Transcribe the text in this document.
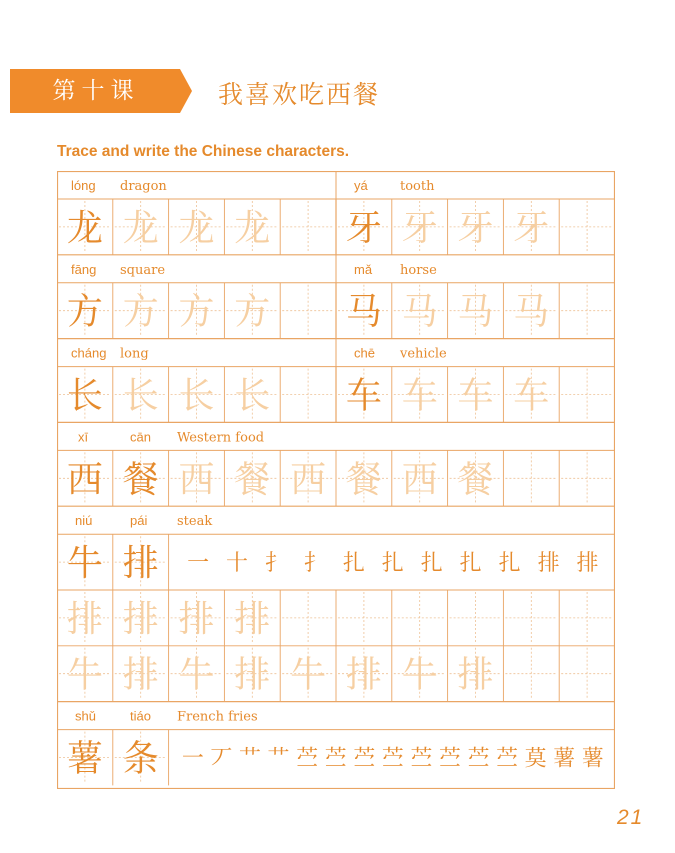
第十课	我喜欢吃西餐
Trace and write the Chinese characters.
lóng dragon	yá tooth
龙 龙 龙 龙 牙 牙 牙 牙
fāng square	mǎ horse
方 方 方 方 马 马 马 马
cháng long	chē vehicle
长 长 长 长 车 车 车 车
xī	cān Western food
西 餐 西 餐 西 餐 西 餐
niú	pái steak
牛 排 一 十 扌 扌 扎 扎 扎 扎 扎 排 排
排 排 排 排
牛 排 牛 排 牛 排 牛 排
shǔ	tiáo French fries
薯 条 一 丆 艹 艹 苎 苎 苎 苎 苎 苎 苎 苎 莫 薯 薯
21
